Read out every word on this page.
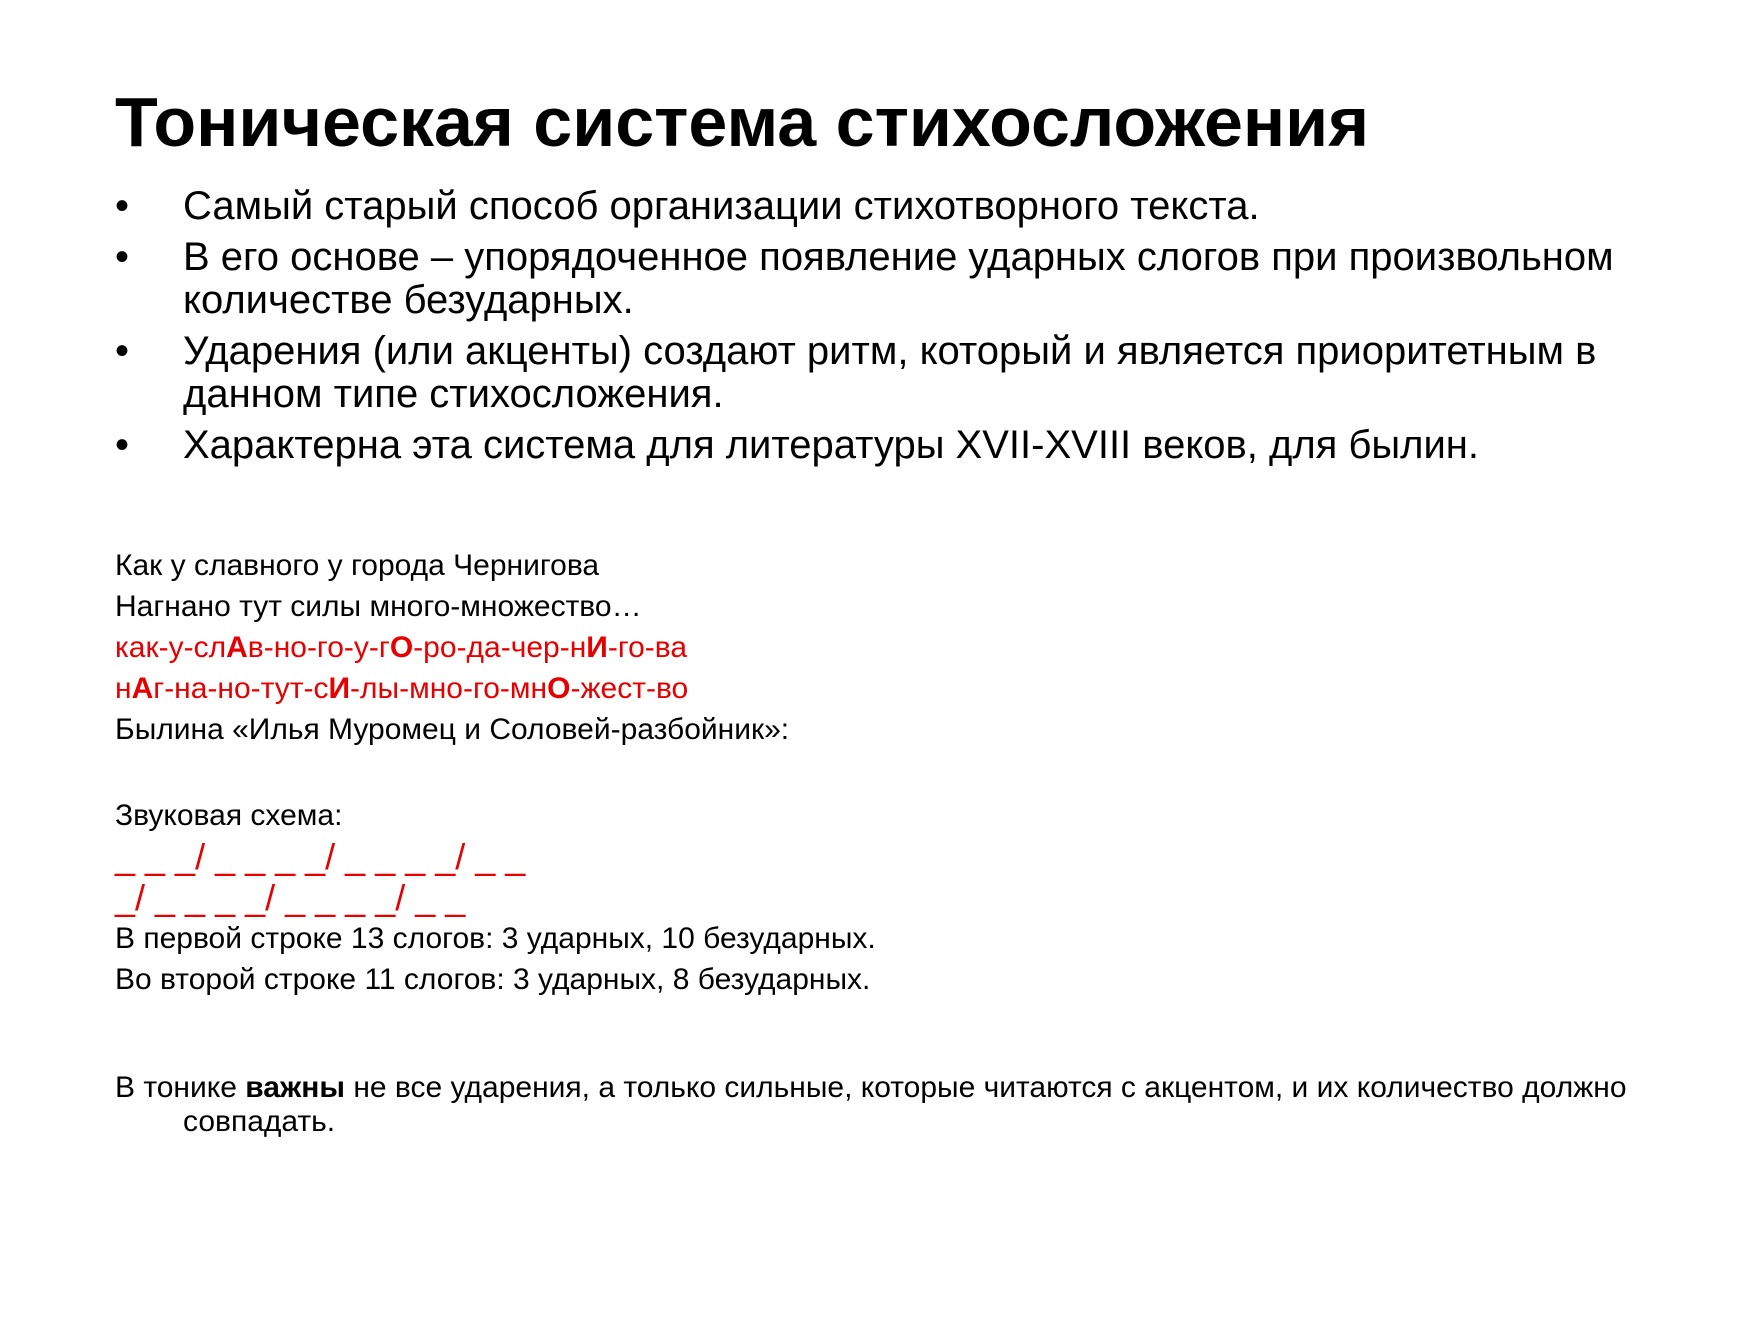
Тоническая система стихосложения
• Самый старый способ организации стихотворного текста.
• В его основе – упорядоченное появление ударных слогов при произвольном количестве безударных.
• Ударения (или акценты) создают ритм, который и является приоритетным в данном типе стихосложения.
• Характерна эта система для литературы XVII-XVIII веков, для былин.
Как у славного у города Чернигова
Нагнано тут силы много-множество…
как-у-слАв-но-го-у-гО-ро-да-чер-нИ-го-ва
нАг-на-но-тут-сИ-лы-мно-го-мнО-жест-во
Былина «Илья Муромец и Соловей-разбойник»:
Звуковая схема:
_ _ _/ _ _ _ _/ _ _ _ _/ _ _
_/ _ _ _ _/ _ _ _ _/ _ _
В первой строке 13 слогов: 3 ударных, 10 безударных.
Во второй строке 11 слогов: 3 ударных, 8 безударных.
В тонике важны не все ударения, а только сильные, которые читаются с акцентом, и их количество должно совпадать.
